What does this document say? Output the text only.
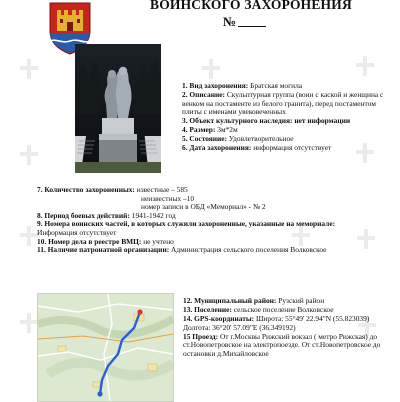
ВОИНСКОГО ЗАХОРОНЕНИЯ
№
1. Вид захоронения: Братская могила
2. Описание: Скульптурная группа (воин с каской и женщина с венком на постаменте из белого гранита), перед постаментом плиты с именами увековеченных
3. Объект культурного наследия: нет информации
4. Размер: 3м*2м
5. Состояние: Удовлетворительное
6. Дата захоронения: информация отсутствует
7. Количество захороненных: известные – 585
неизвестных –10
номер записи в ОБД «Мемориал» - № 2
8. Период боевых действий: 1941-1942 год
9. Номера воинских частей, в которых служили захороненные, указанные на мемориале:
Информация отсутствует
10. Номер дела в реестре ВМЦ: не учтено
11. Наличие патронатной организации: Администрация сельского поселения Волковское
12. Муниципальный район: Рузский район
13. Поселение: сельское поселение Волковское
14. GPS-координаты: Широта: 55°49' 22.94"N (55.823039) Долгота: 36°20' 57.09"E (36.349192)
15 Проезд: От г.Москвы Рижский вокзал ( метро Рижская) до ст.Новопетровское на электропоезде. От ст.Новопетровское до остановки д.Михайловское
